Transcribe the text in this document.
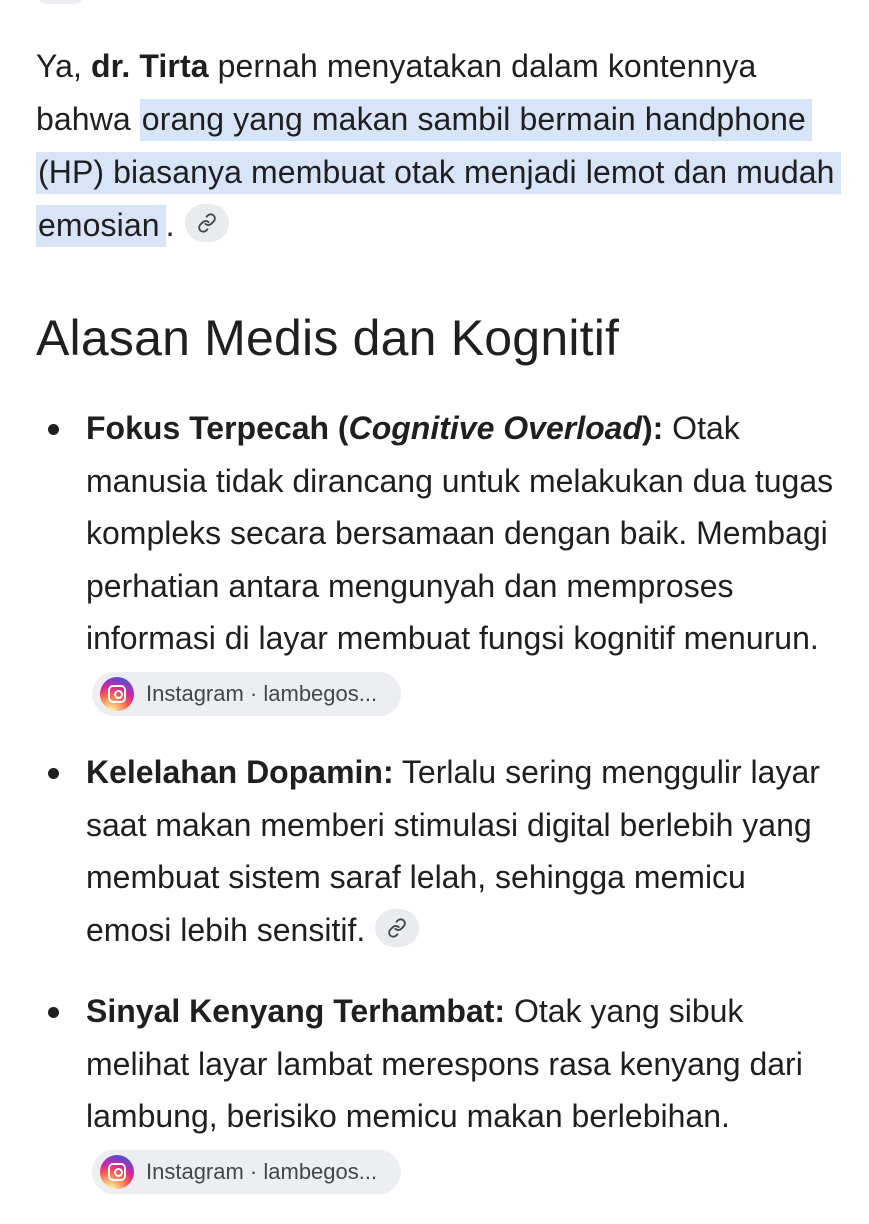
Ya, dr. Tirta pernah menyatakan dalam kontennya bahwa orang yang makan sambil bermain handphone (HP) biasanya membuat otak menjadi lemot dan mudah emosian .

Alasan Medis dan Kognitif
Fokus Terpecah (Cognitive Overload): Otak manusia tidak dirancang untuk melakukan dua tugas kompleks secara bersamaan dengan baik. Membagi perhatian antara mengunyah dan memproses informasi di layar membuat fungsi kognitif menurun.
Instagram · lambegos...
Kelelahan Dopamin: Terlalu sering menggulir layar saat makan memberi stimulasi digital berlebih yang membuat sistem saraf lelah, sehingga memicu emosi lebih sensitif.
Sinyal Kenyang Terhambat: Otak yang sibuk melihat layar lambat merespons rasa kenyang dari lambung, berisiko memicu makan berlebihan.
Instagram · lambegos...
